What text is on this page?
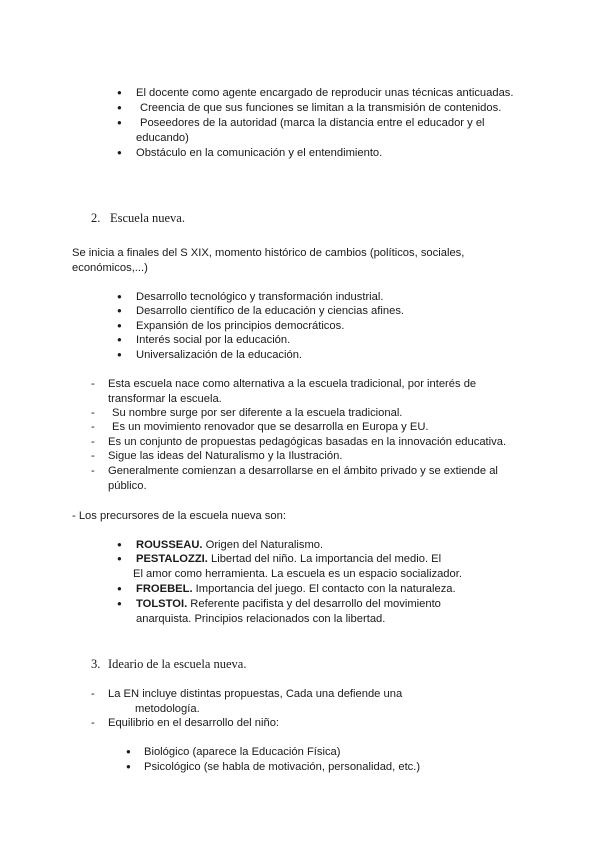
● El docente como agente encargado de reproducir unas técnicas anticuadas.
● Creencia de que sus funciones se limitan a la transmisión de contenidos.
● Poseedores de la autoridad (marca la distancia entre el educador y el
educando)
● Obstáculo en la comunicación y el entendimiento.
2. Escuela nueva.
Se inicia a finales del S XIX, momento histórico de cambios (políticos, sociales,
económicos,...)
● Desarrollo tecnológico y transformación industrial.
● Desarrollo científico de la educación y ciencias afines.
● Expansión de los principios democráticos.
● Interés social por la educación.
● Universalización de la educación.
- Esta escuela nace como alternativa a la escuela tradicional, por interés de
transformar la escuela.
- Su nombre surge por ser diferente a la escuela tradicional.
- Es un movimiento renovador que se desarrolla en Europa y EU.
- Es un conjunto de propuestas pedagógicas basadas en la innovación educativa.
- Sigue las ideas del Naturalismo y la Ilustración.
- Generalmente comienzan a desarrollarse en el ámbito privado y se extiende al
público.
- Los precursores de la escuela nueva son:
● ROUSSEAU. Origen del Naturalismo.
● PESTALOZZI. Libertad del niño. La importancia del medio. El
El amor como herramienta. La escuela es un espacio socializador.
● FROEBEL. Importancia del juego. El contacto con la naturaleza.
● TOLSTOI. Referente pacifista y del desarrollo del movimiento
anarquista. Principios relacionados con la libertad.
3. Ideario de la escuela nueva.
- La EN incluye distintas propuestas, Cada una defiende una
metodología.
- Equilibrio en el desarrollo del niño:
● Biológico (aparece la Educación Física)
● Psicológico (se habla de motivación, personalidad, etc.)
